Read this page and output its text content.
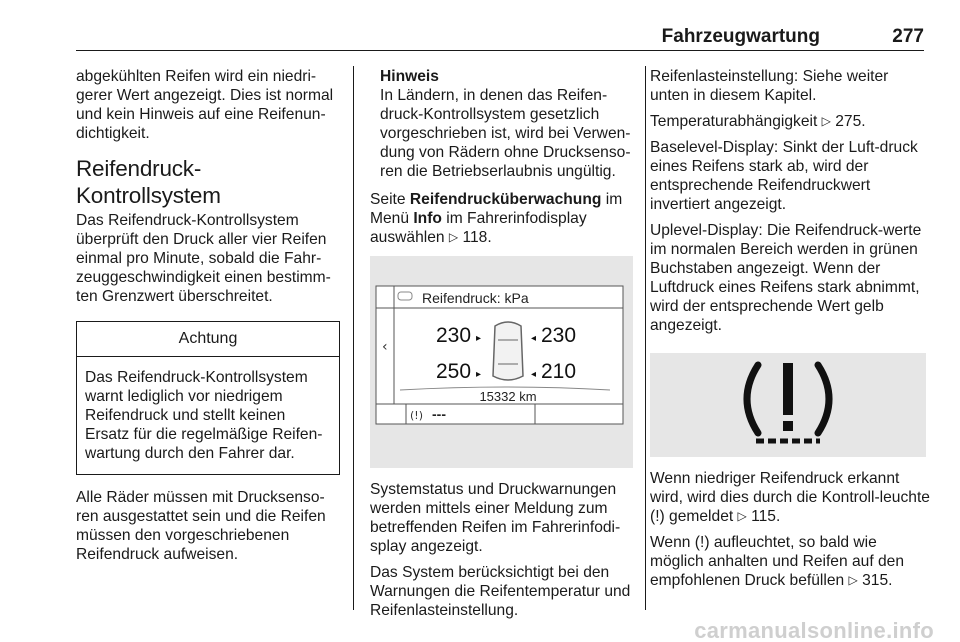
Fahrzeugwartung	277

abgekühlten Reifen wird ein niedri-gerer Wert angezeigt. Dies ist normal und kein Hinweis auf eine Reifenun-dichtigkeit.

Reifendruck-Kontrollsystem

Das Reifendruck-Kontrollsystem überprüft den Druck aller vier Reifen einmal pro Minute, sobald die Fahr-zeuggeschwindigkeit einen bestimm-ten Grenzwert überschreitet.

Achtung
Das Reifendruck-Kontrollsystem warnt lediglich vor niedrigem Reifendruck und stellt keinen Ersatz für die regelmäßige Reifen-wartung durch den Fahrer dar.

Alle Räder müssen mit Drucksenso-ren ausgestattet sein und die Reifen müssen den vorgeschriebenen Reifendruck aufweisen.

Hinweis
In Ländern, in denen das Reifen-druck-Kontrollsystem gesetzlich vorgeschrieben ist, wird bei Verwen-dung von Rädern ohne Drucksenso-ren die Betriebserlaubnis ungültig.

Seite Reifendrucküberwachung im Menü Info im Fahrerinfodisplay auswählen ▷ 118.

‹
Reifendruck: kPa
230 ▸	◂ 230
250 ▸	◂ 210
15332 km
(!) ---

Systemstatus und Druckwarnungen werden mittels einer Meldung zum betreffenden Reifen im Fahrerinfodi-splay angezeigt.

Das System berücksichtigt bei den Warnungen die Reifentemperatur und Reifenlasteinstellung.

Reifenlasteinstellung: Siehe weiter unten in diesem Kapitel.

Temperaturabhängigkeit ▷ 275.

Baselevel-Display: Sinkt der Luft-druck eines Reifens stark ab, wird der entsprechende Reifendruckwert invertiert angezeigt.

Uplevel-Display: Die Reifendruck-werte im normalen Bereich werden in grünen Buchstaben angezeigt. Wenn der Luftdruck eines Reifens stark abnimmt, wird der entsprechende Wert gelb angezeigt.

Wenn niedriger Reifendruck erkannt wird, wird dies durch die Kontroll-leuchte (!) gemeldet ▷ 115.

Wenn (!) aufleuchtet, so bald wie möglich anhalten und Reifen auf den empfohlenen Druck befüllen ▷ 315.

carmanualsonline.info
